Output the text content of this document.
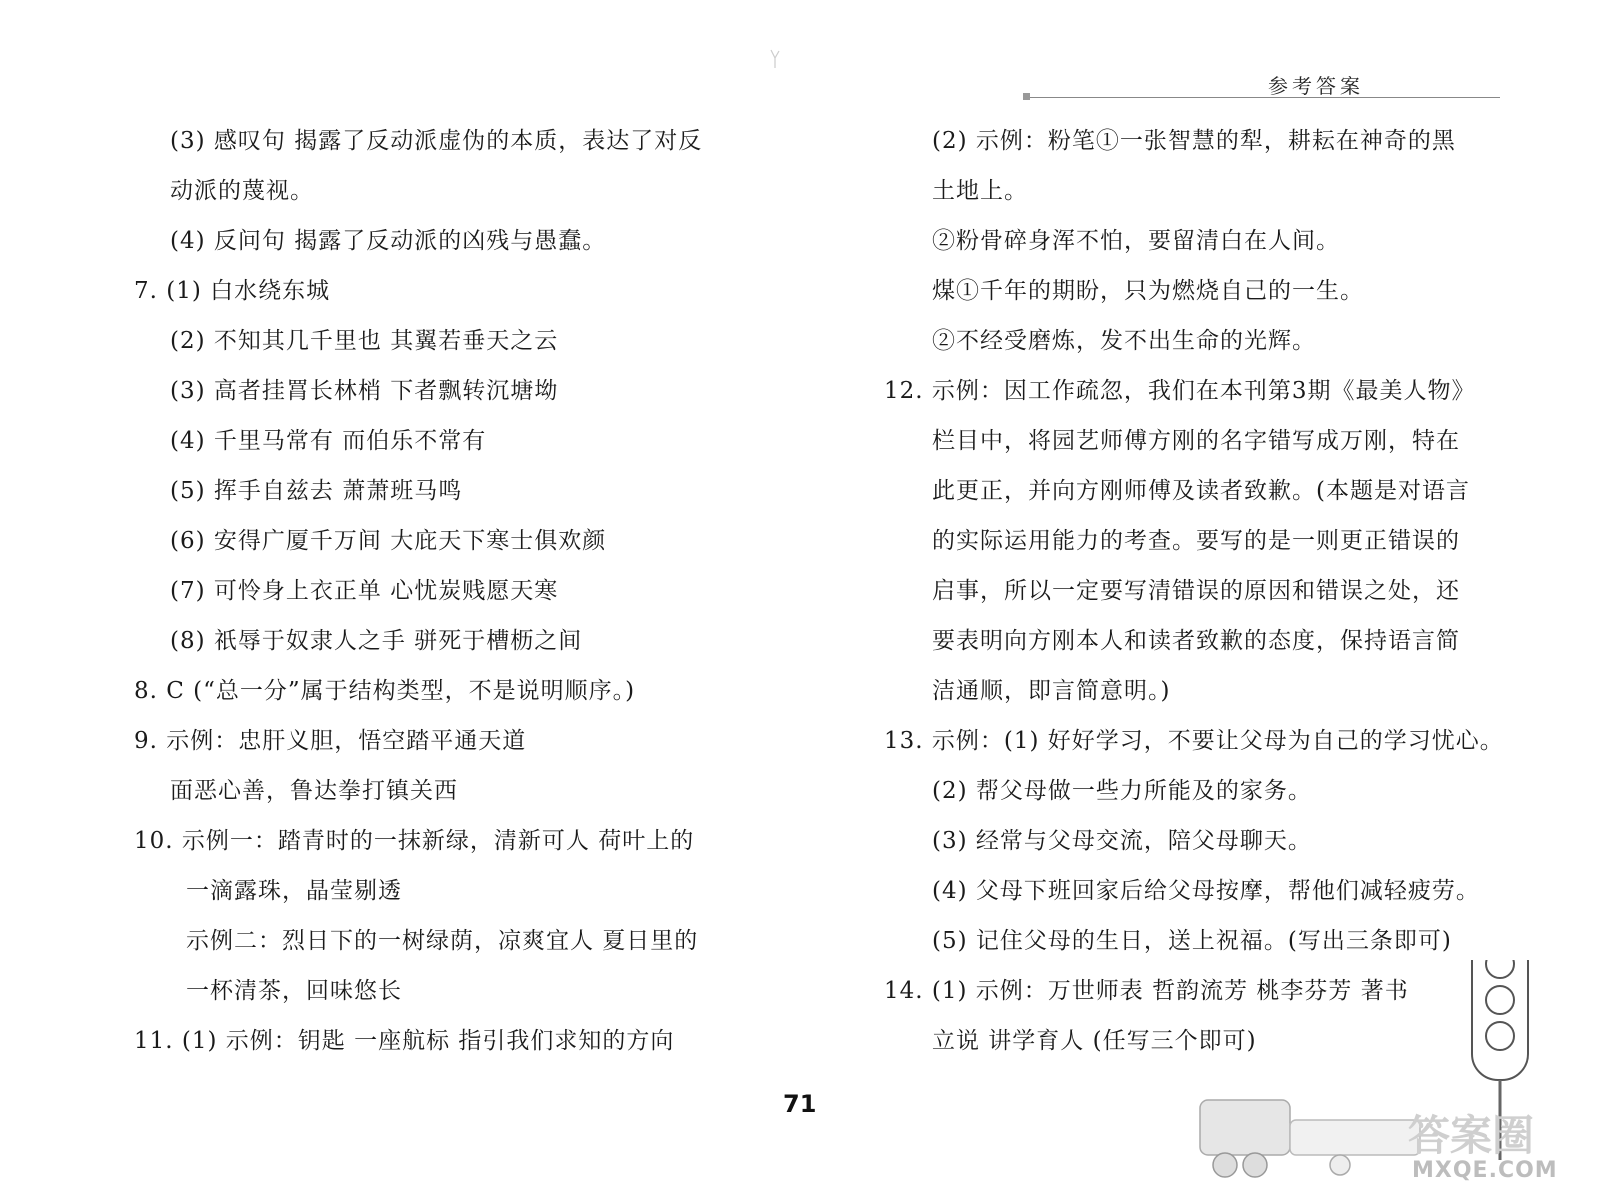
参考答案
(3) 感叹句 揭露了反动派虚伪的本质，表达了对反
动派的蔑视。
(4) 反问句 揭露了反动派的凶残与愚蠢。
7. (1) 白水绕东城
(2) 不知其几千里也 其翼若垂天之云
(3) 高者挂罥长林梢 下者飘转沉塘坳
(4) 千里马常有 而伯乐不常有
(5) 挥手自兹去 萧萧班马鸣
(6) 安得广厦千万间 大庇天下寒士俱欢颜
(7) 可怜身上衣正单 心忧炭贱愿天寒
(8) 祇辱于奴隶人之手 骈死于槽枥之间
8. C (“总一分”属于结构类型，不是说明顺序。)
9. 示例：忠肝义胆，悟空踏平通天道
面恶心善，鲁达拳打镇关西
10. 示例一：踏青时的一抹新绿，清新可人 荷叶上的
一滴露珠，晶莹剔透
示例二：烈日下的一树绿荫，凉爽宜人 夏日里的
一杯清茶，回味悠长
11. (1) 示例：钥匙 一座航标 指引我们求知的方向
(2) 示例：粉笔①一张智慧的犁，耕耘在神奇的黑
土地上。
②粉骨碎身浑不怕，要留清白在人间。
煤①千年的期盼，只为燃烧自己的一生。
②不经受磨炼，发不出生命的光辉。
12. 示例：因工作疏忽，我们在本刊第3期《最美人物》
栏目中，将园艺师傅方刚的名字错写成万刚，特在
此更正，并向方刚师傅及读者致歉。(本题是对语言
的实际运用能力的考查。要写的是一则更正错误的
启事，所以一定要写清错误的原因和错误之处，还
要表明向方刚本人和读者致歉的态度，保持语言简
洁通顺，即言简意明。)
13. 示例：(1) 好好学习，不要让父母为自己的学习忧心。
(2) 帮父母做一些力所能及的家务。
(3) 经常与父母交流，陪父母聊天。
(4) 父母下班回家后给父母按摩，帮他们减轻疲劳。
(5) 记住父母的生日，送上祝福。(写出三条即可)
14. (1) 示例：万世师表 哲韵流芳 桃李芬芳 著书
立说 讲学育人 (任写三个即可)
71
答案圈
MXQE.COM
